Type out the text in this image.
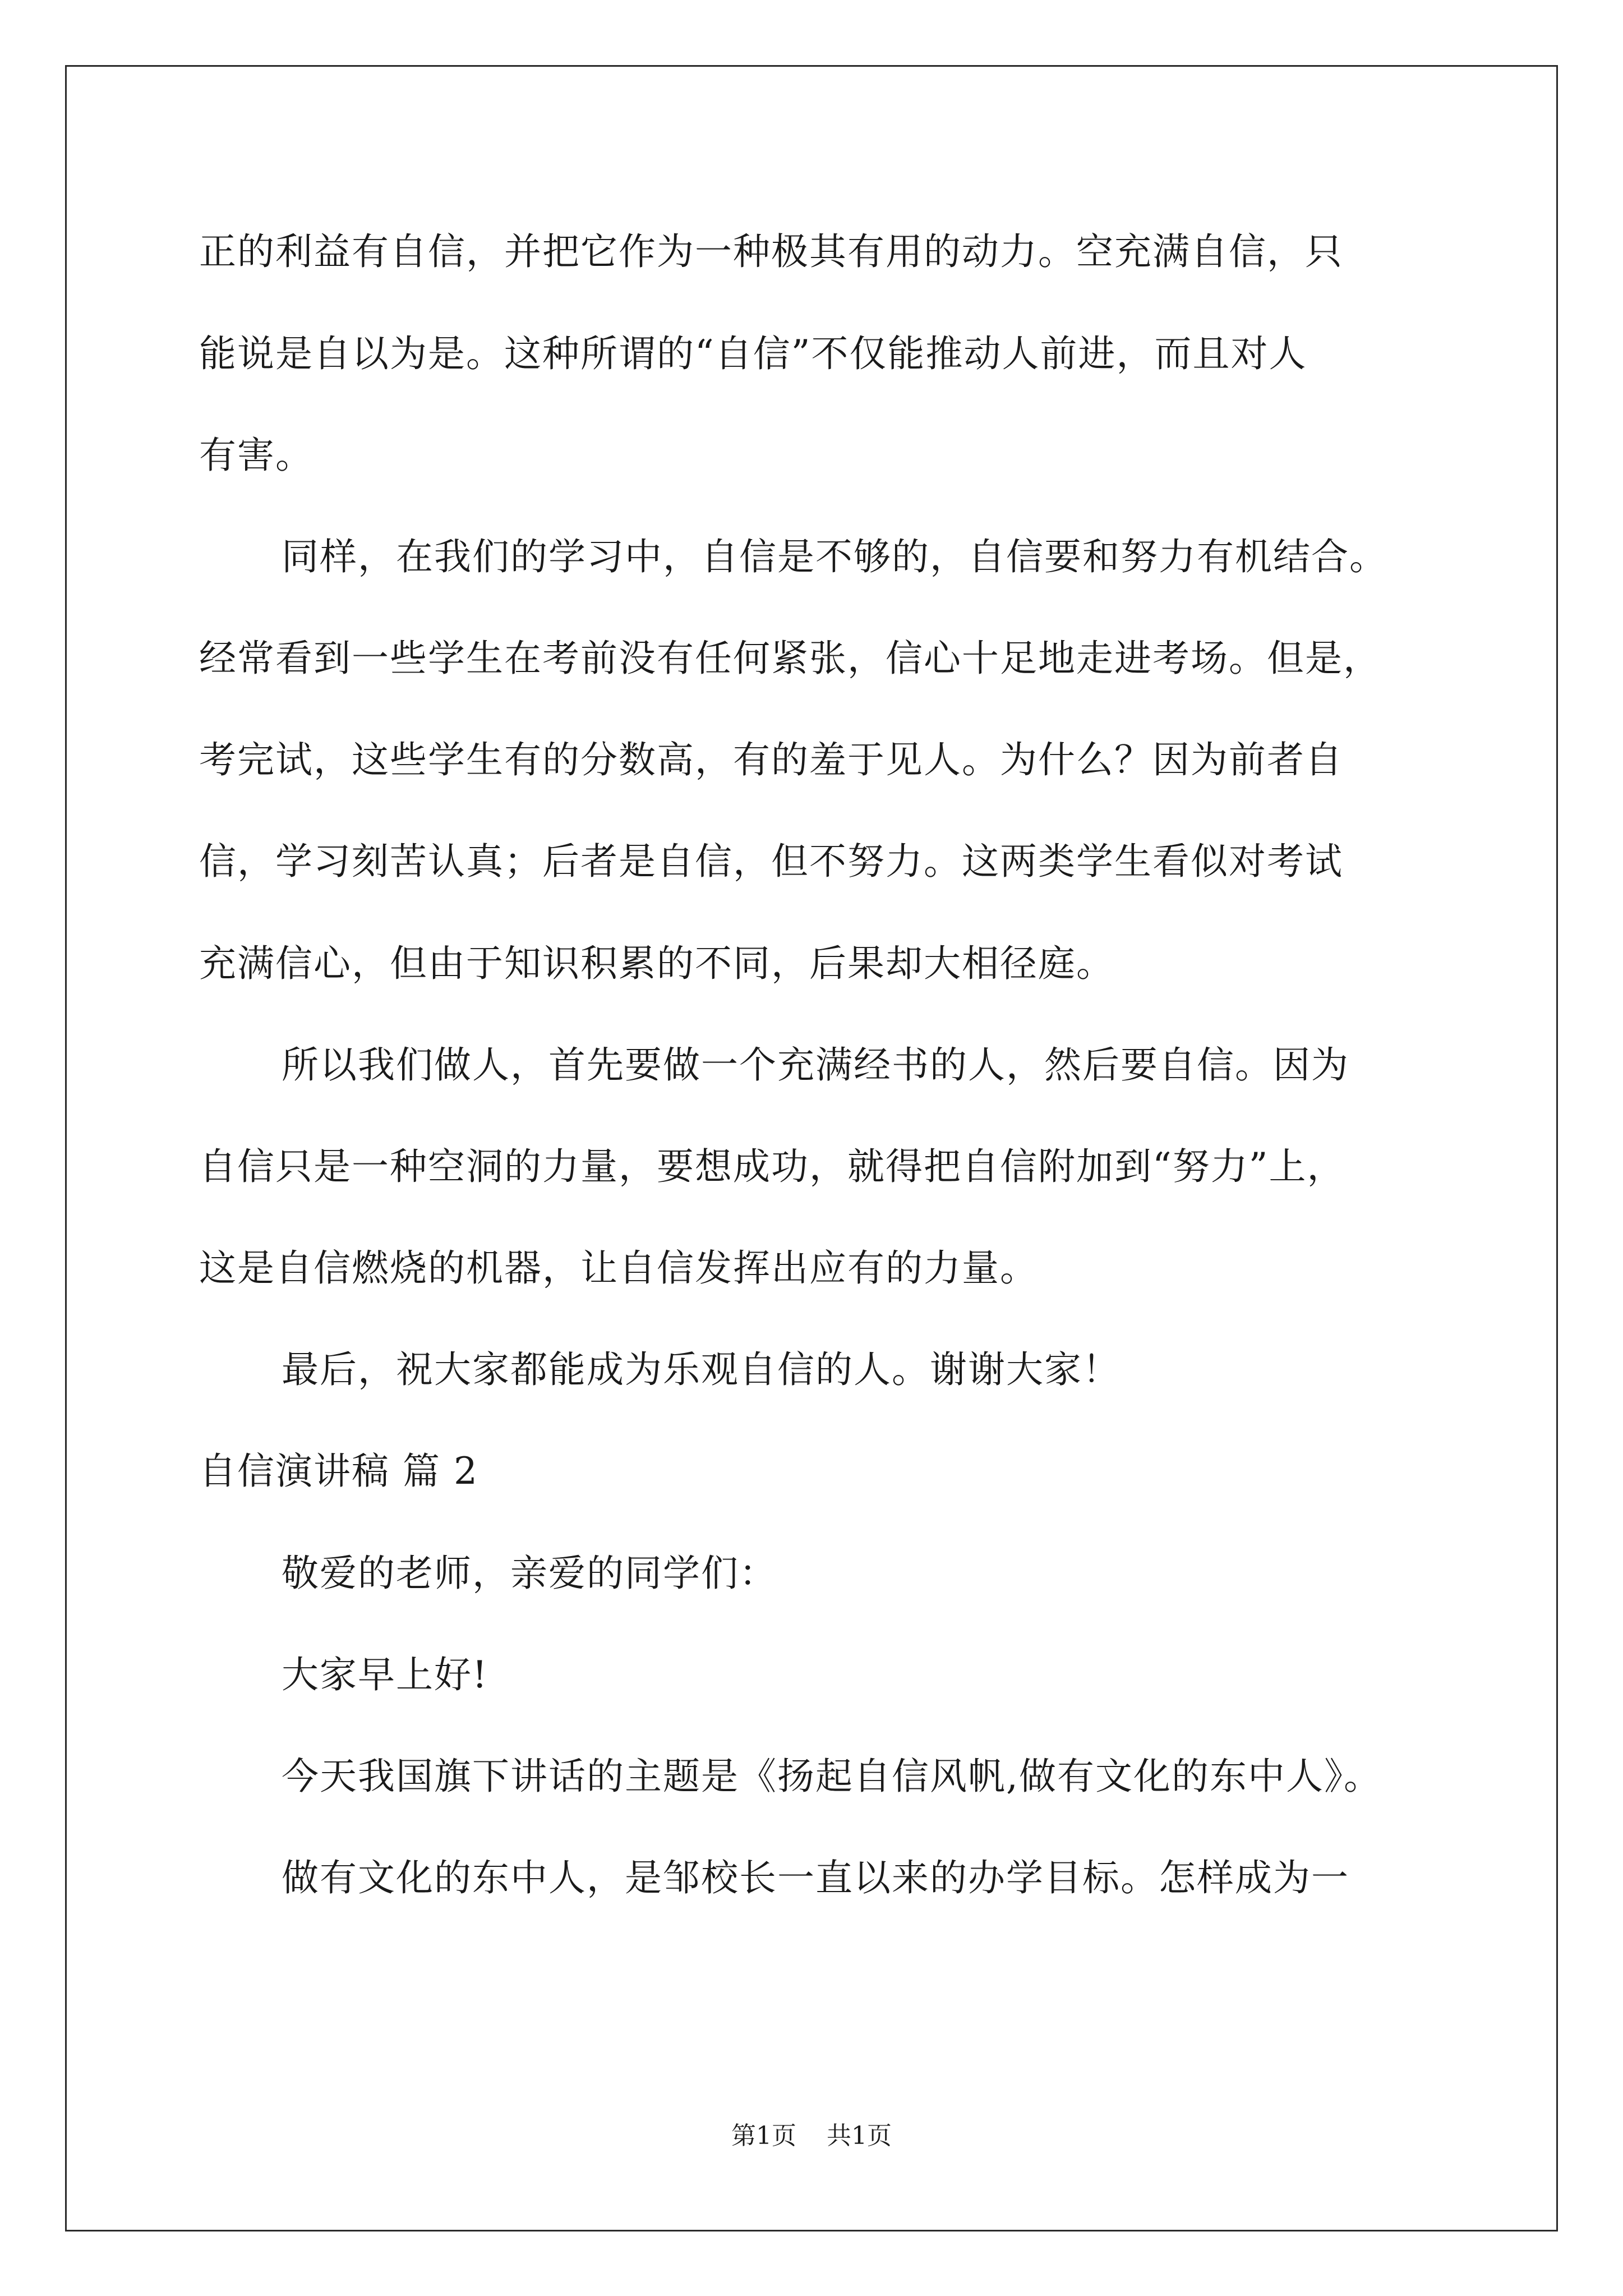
正的利益有自信，并把它作为一种极其有用的动力。空充满自信，只
能说是自以为是。这种所谓的“自信”不仅能推动人前进，而且对人
有害。
同样，在我们的学习中，自信是不够的，自信要和努力有机结合。
经常看到一些学生在考前没有任何紧张，信心十足地走进考场。但是，
考完试，这些学生有的分数高，有的羞于见人。为什么？因为前者自
信，学习刻苦认真；后者是自信，但不努力。这两类学生看似对考试
充满信心，但由于知识积累的不同，后果却大相径庭。
所以我们做人，首先要做一个充满经书的人，然后要自信。因为
自信只是一种空洞的力量，要想成功，就得把自信附加到“努力”上，
这是自信燃烧的机器，让自信发挥出应有的力量。
最后，祝大家都能成为乐观自信的人。谢谢大家！
自信演讲稿 篇 2
敬爱的老师，亲爱的同学们：
大家早上好!
今天我国旗下讲话的主题是《扬起自信风帆,做有文化的东中人》。
做有文化的东中人，是邹校长一直以来的办学目标。怎样成为一
第1页 共1页
